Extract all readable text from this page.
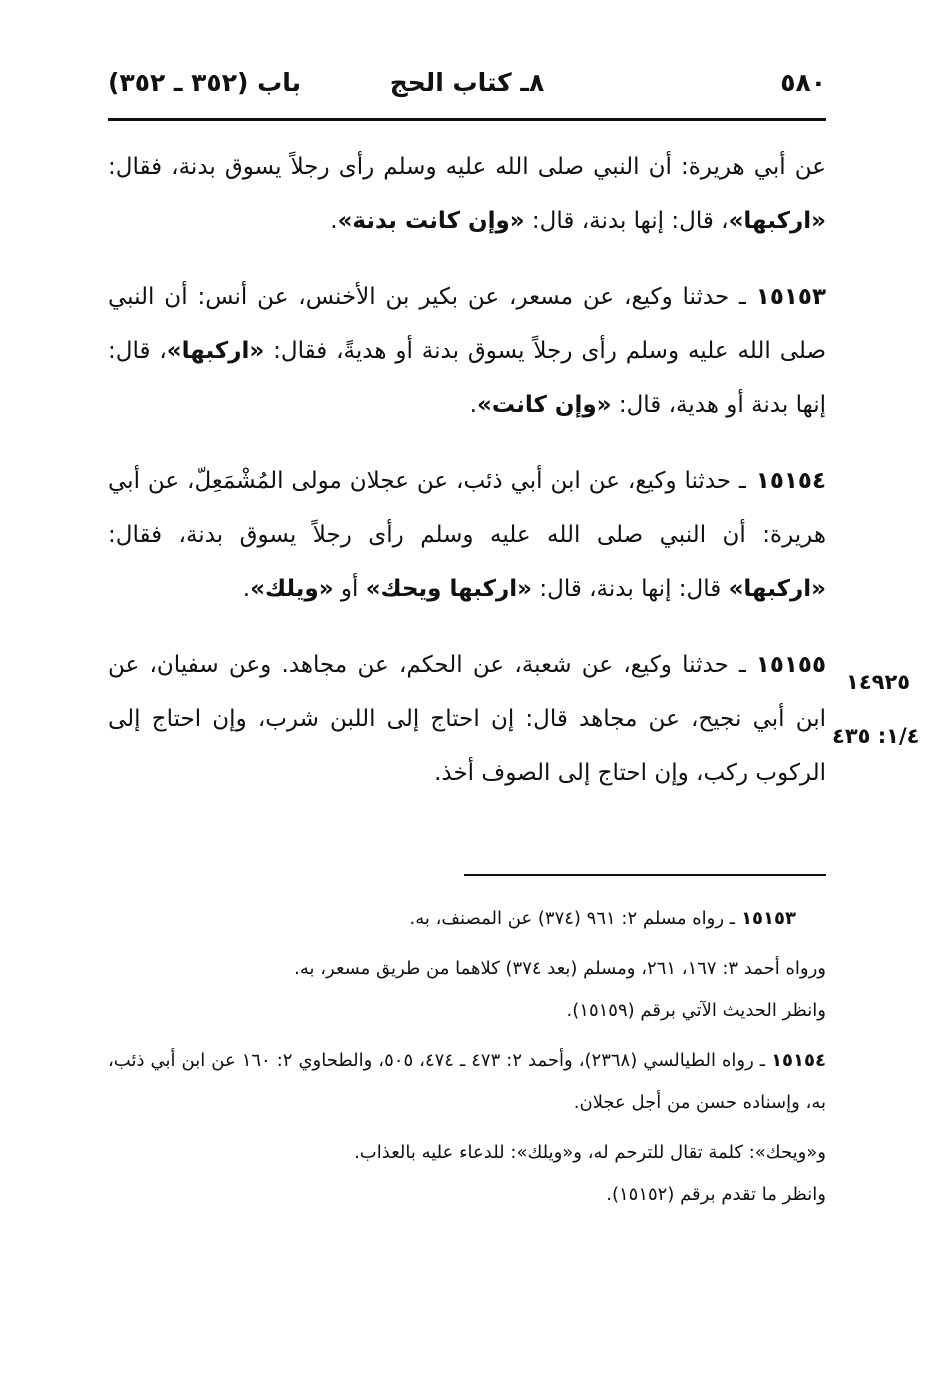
٥٨٠
٨ـ كتاب الحج
باب (٣٥٢ ـ ٣٥٢)

عن أبي هريرة: أن النبي صلى الله عليه وسلم رأى رجلاً يسوق بدنة، فقال: «اركبها»، قال: إنها بدنة، قال: «وإن كانت بدنة».

١٥١٥٣ـ حدثنا وكيع، عن مسعر، عن بكير بن الأخنس، عن أنس: أن النبي صلى الله عليه وسلم رأى رجلاً يسوق بدنة أو هديةً، فقال: «اركبها»، قال: إنها بدنة أو هدية، قال: «وإن كانت».

١٥١٥٤ـ حدثنا وكيع، عن ابن أبي ذئب، عن عجلان مولى المُشْمَعِلّ، عن أبي هريرة: أن النبي صلى الله عليه وسلم رأى رجلاً يسوق بدنة، فقال: «اركبها» قال: إنها بدنة، قال: «اركبها ويحك» أو «ويلك».

١٥١٥٥ـ حدثنا وكيع، عن شعبة، عن الحكم، عن مجاهد. وعن سفيان، عن ابن أبي نجيح، عن مجاهد قال: إن احتاج إلى اللبن شرب، وإن احتاج إلى الركوب ركب، وإن احتاج إلى الصوف أخذ.

١٤٩٢٥
١/٤: ٤٣٥

١٥١٥٣ـ رواه مسلم ٢: ٩٦١ (٣٧٤) عن المصنف، به.

ورواه أحمد ٣: ١٦٧، ٢٦١، ومسلم (بعد ٣٧٤) كلاهما من طريق مسعر، به.

وانظر الحديث الآتي برقم (١٥١٥٩).

١٥١٥٤ـ رواه الطيالسي (٢٣٦٨)، وأحمد ٢: ٤٧٣ ـ ٤٧٤، ٥٠٥، والطحاوي ٢: ١٦٠ عن ابن أبي ذئب، به، وإسناده حسن من أجل عجلان.

و«ويحك»: كلمة تقال للترحم له، و«ويلك»: للدعاء عليه بالعذاب.

وانظر ما تقدم برقم (١٥١٥٢).
